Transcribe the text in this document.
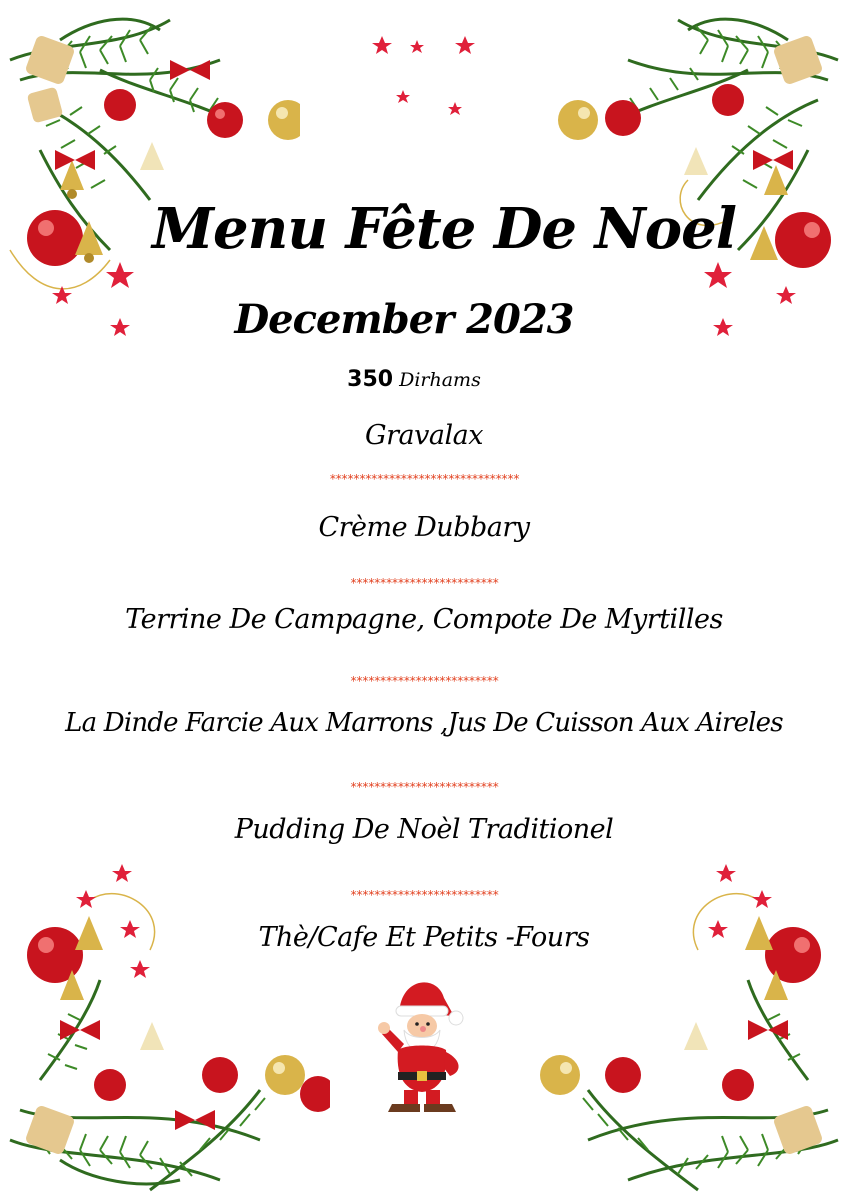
Menu Fête De Noel

December 2023

350 Dirhams

Gravalax

********************************

Crème Dubbary

*************************

Terrine De Campagne, Compote De Myrtilles

*************************

La Dinde Farcie Aux Marrons ,Jus De Cuisson Aux Aireles

*************************

Pudding De Noèl Traditionel

*************************

Thè/Cafe Et Petits -Fours
